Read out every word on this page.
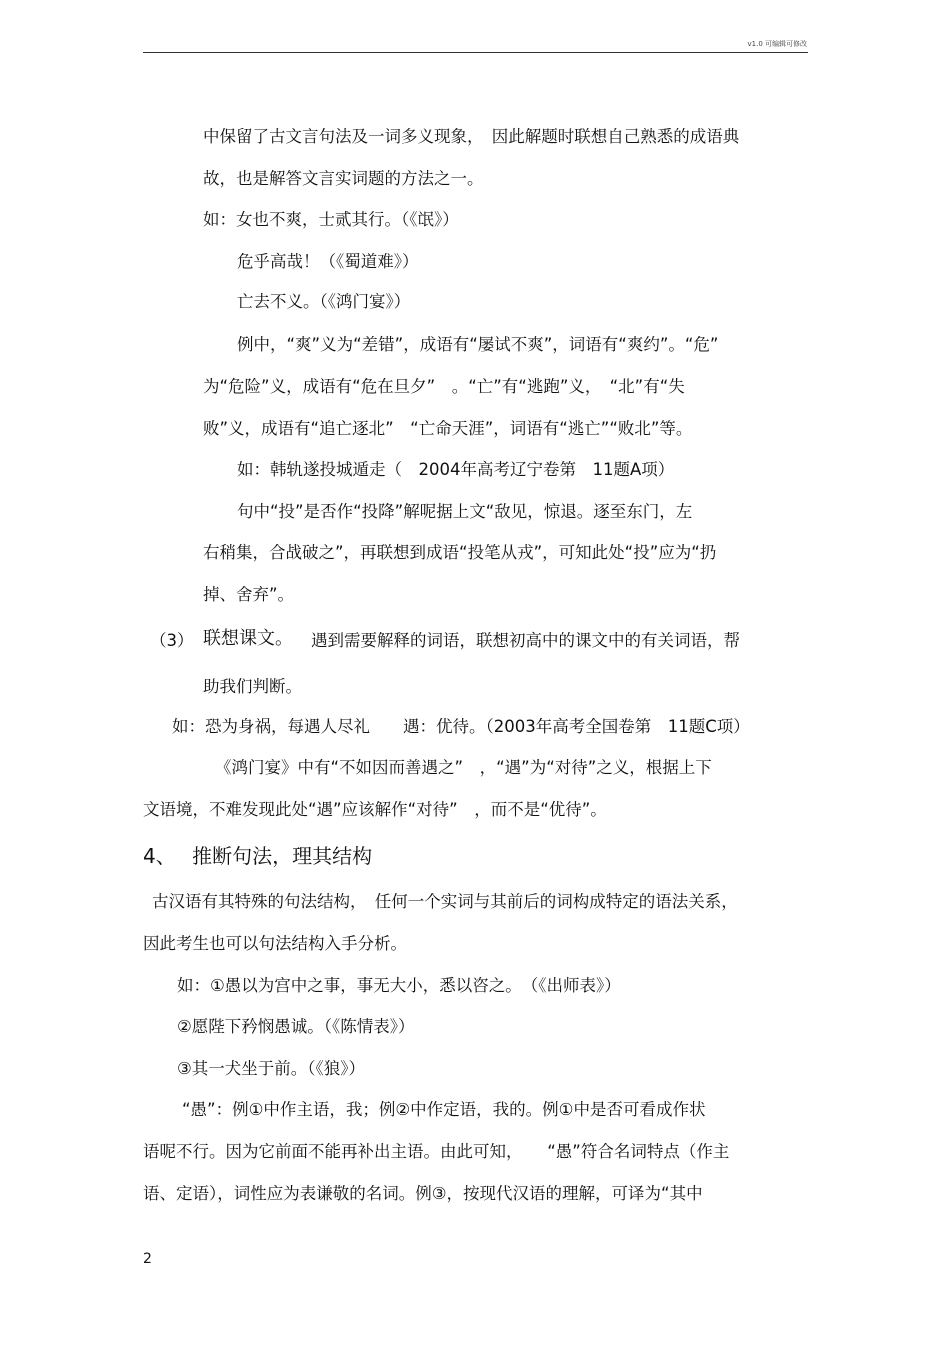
v1.0 可编辑可修改
中保留了古文言句法及一词多义现象，　因此解题时联想自己熟悉的成语典
故，也是解答文言实词题的方法之一。
如：女也不爽，士贰其行。（《氓》）
危乎高哉！（《蜀道难》）
亡去不义。（《鸿门宴》）
例中，“爽”义为“差错”，成语有“屡试不爽”，词语有“爽约”。“危”
为“危险”义，成语有“危在旦夕”　。“亡”有“逃跑”义，　“北”有“失
败”义，成语有“追亡逐北”　“亡命天涯”，词语有“逃亡”“败北”等。
如：韩轨遂投城遁走（　2004年高考辽宁卷第　11题A项）
句中“投”是否作“投降”解呢据上文“敌见，惊退。逐至东门，左
右稍集，合战破之”，再联想到成语“投笔从戎”，可知此处“投”应为“扔
掉、舍弃”。
（3） 联想课文。 遇到需要解释的词语，联想初高中的课文中的有关词语，帮
助我们判断。
如：恐为身祸，每遇人尽礼　　遇：优待。（2003年高考全国卷第　11题C项）
《鸿门宴》中有“不如因而善遇之”　，“遇”为“对待”之义，根据上下
文语境，不难发现此处“遇”应该解作“对待”　，而不是“优待”。
4、　 推断句法，理其结构
古汉语有其特殊的句法结构，　任何一个实词与其前后的词构成特定的语法关系，
因此考生也可以句法结构入手分析。
如：①愚以为宫中之事，事无大小，悉以咨之。　（《出师表》）
②愿陛下矜悯愚诚。（《陈情表》）
③其一犬坐于前。（《狼》）
“愚”：例①中作主语，我；例②中作定语，我的。例①中是否可看成作状
语呢不行。因为它前面不能再补出主语。由此可知，　　“愚”符合名词特点（作主
语、定语），词性应为表谦敬的名词。例③，按现代汉语的理解，可译为“其中
2
